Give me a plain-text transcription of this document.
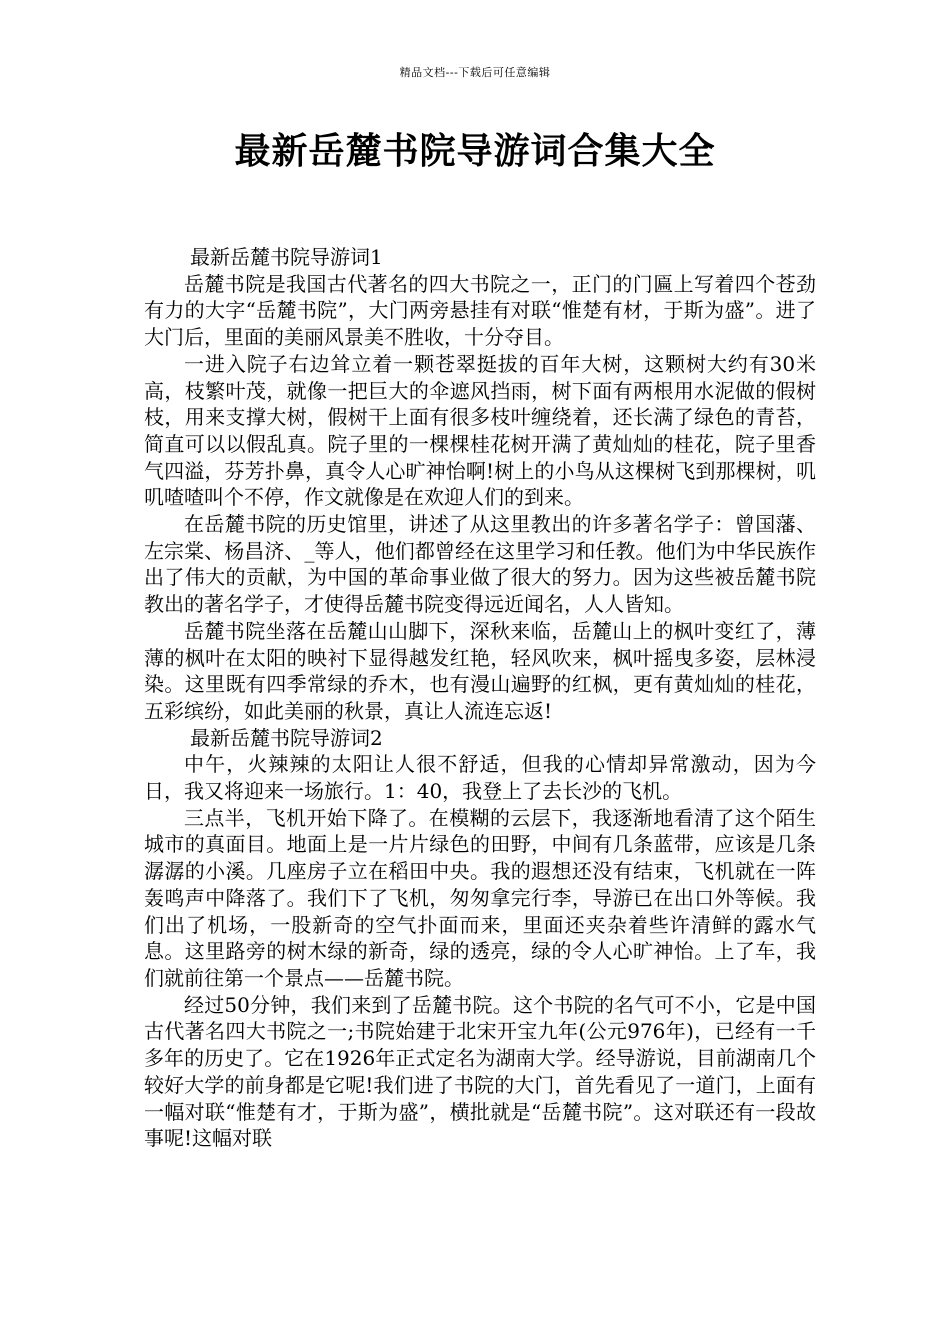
精品文档---下载后可任意编辑
最新岳麓书院导游词合集大全

最新岳麓书院导游词1

岳麓书院是我国古代著名的四大书院之一，正门的门匾上写着四个苍劲有力的大字“岳麓书院”，大门两旁悬挂有对联“惟楚有材，于斯为盛”。进了大门后，里面的美丽风景美不胜收，十分夺目。

一进入院子右边耸立着一颗苍翠挺拔的百年大树，这颗树大约有30米高，枝繁叶茂，就像一把巨大的伞遮风挡雨，树下面有两根用水泥做的假树枝，用来支撑大树，假树干上面有很多枝叶缠绕着，还长满了绿色的青苔，简直可以以假乱真。院子里的一棵棵桂花树开满了黄灿灿的桂花，院子里香气四溢，芬芳扑鼻，真令人心旷神怡啊!树上的小鸟从这棵树飞到那棵树，叽叽喳喳叫个不停，作文就像是在欢迎人们的到来。

在岳麓书院的历史馆里，讲述了从这里教出的许多著名学子：曾国藩、左宗棠、杨昌济、_等人，他们都曾经在这里学习和任教。他们为中华民族作出了伟大的贡献，为中国的革命事业做了很大的努力。因为这些被岳麓书院教出的著名学子，才使得岳麓书院变得远近闻名，人人皆知。

岳麓书院坐落在岳麓山山脚下，深秋来临，岳麓山上的枫叶变红了，薄薄的枫叶在太阳的映衬下显得越发红艳，轻风吹来，枫叶摇曳多姿，层林浸染。这里既有四季常绿的乔木，也有漫山遍野的红枫，更有黄灿灿的桂花，五彩缤纷，如此美丽的秋景，真让人流连忘返!

最新岳麓书院导游词2

中午，火辣辣的太阳让人很不舒适，但我的心情却异常激动，因为今日，我又将迎来一场旅行。1：40，我登上了去长沙的飞机。

三点半，飞机开始下降了。在模糊的云层下，我逐渐地看清了这个陌生城市的真面目。地面上是一片片绿色的田野，中间有几条蓝带，应该是几条潺潺的小溪。几座房子立在稻田中央。我的遐想还没有结束，飞机就在一阵轰鸣声中降落了。我们下了飞机，匆匆拿完行李，导游已在出口外等候。我们出了机场，一股新奇的空气扑面而来，里面还夹杂着些许清鲜的露水气息。这里路旁的树木绿的新奇，绿的透亮，绿的令人心旷神怡。上了车，我们就前往第一个景点——岳麓书院。

经过50分钟，我们来到了岳麓书院。这个书院的名气可不小，它是中国古代著名四大书院之一;书院始建于北宋开宝九年(公元976年)，已经有一千多年的历史了。它在1926年正式定名为湖南大学。经导游说，目前湖南几个较好大学的前身都是它呢!我们进了书院的大门，首先看见了一道门，上面有一幅对联“惟楚有才，于斯为盛”，横批就是“岳麓书院”。这对联还有一段故事呢!这幅对联
